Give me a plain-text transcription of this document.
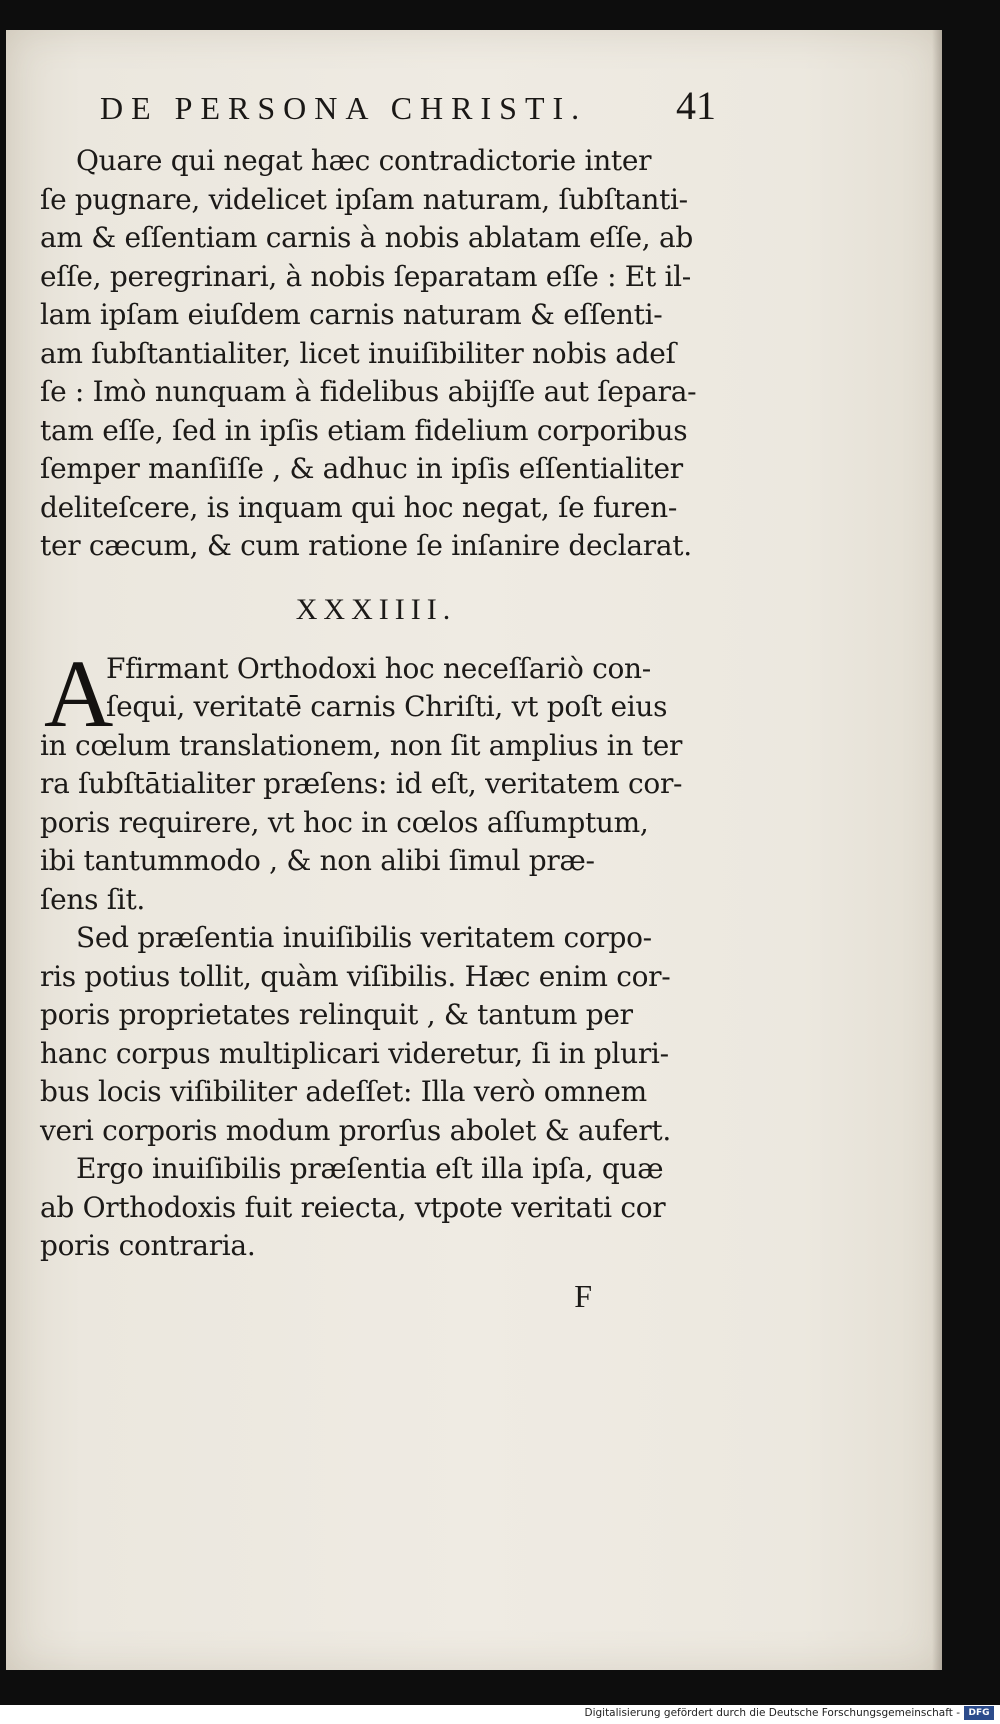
DE PERSONA CHRISTI. 41
Quare qui negat hæc contradictorie inter
ſe pugnare, videlicet ipſam naturam, ſubſtanti-
am & eſſentiam carnis à nobis ablatam eſſe, ab
eſſe, peregrinari, à nobis ſeparatam eſſe : Et il-
lam ipſam eiuſdem carnis naturam & eſſenti-
am ſubſtantialiter, licet inuiſibiliter nobis adeſ
ſe : Imò nunquam à fidelibus abijſſe aut ſepara-
tam eſſe, ſed in ipſis etiam fidelium corporibus
ſemper manſiſſe , & adhuc in ipſis eſſentialiter
deliteſcere, is inquam qui hoc negat, ſe furen-
ter cæcum, & cum ratione ſe inſanire declarat.
XXXIIII.
A
Ffirmant Orthodoxi hoc neceſſariò con-
ſequi, veritatē carnis Chriſti, vt poſt eius
in cœlum translationem, non ſit amplius in ter
ra ſubſtātialiter præſens: id eſt, veritatem cor-
poris requirere, vt hoc in cœlos aſſumptum,
ibi tantummodo , & non alibi ſimul præ-
ſens ſit.
Sed præſentia inuiſibilis veritatem corpo-
ris potius tollit, quàm viſibilis. Hæc enim cor-
poris proprietates relinquit , & tantum per
hanc corpus multiplicari videretur, ſi in pluri-
bus locis viſibiliter adeſſet: Illa verò omnem
veri corporis modum prorſus abolet & aufert.
Ergo inuiſibilis præſentia eſt illa ipſa, quæ
ab Orthodoxis fuit reiecta, vtpote veritati cor
poris contraria.
F
Digitalisierung gefördert durch die Deutsche Forschungsgemeinschaft - DFG
